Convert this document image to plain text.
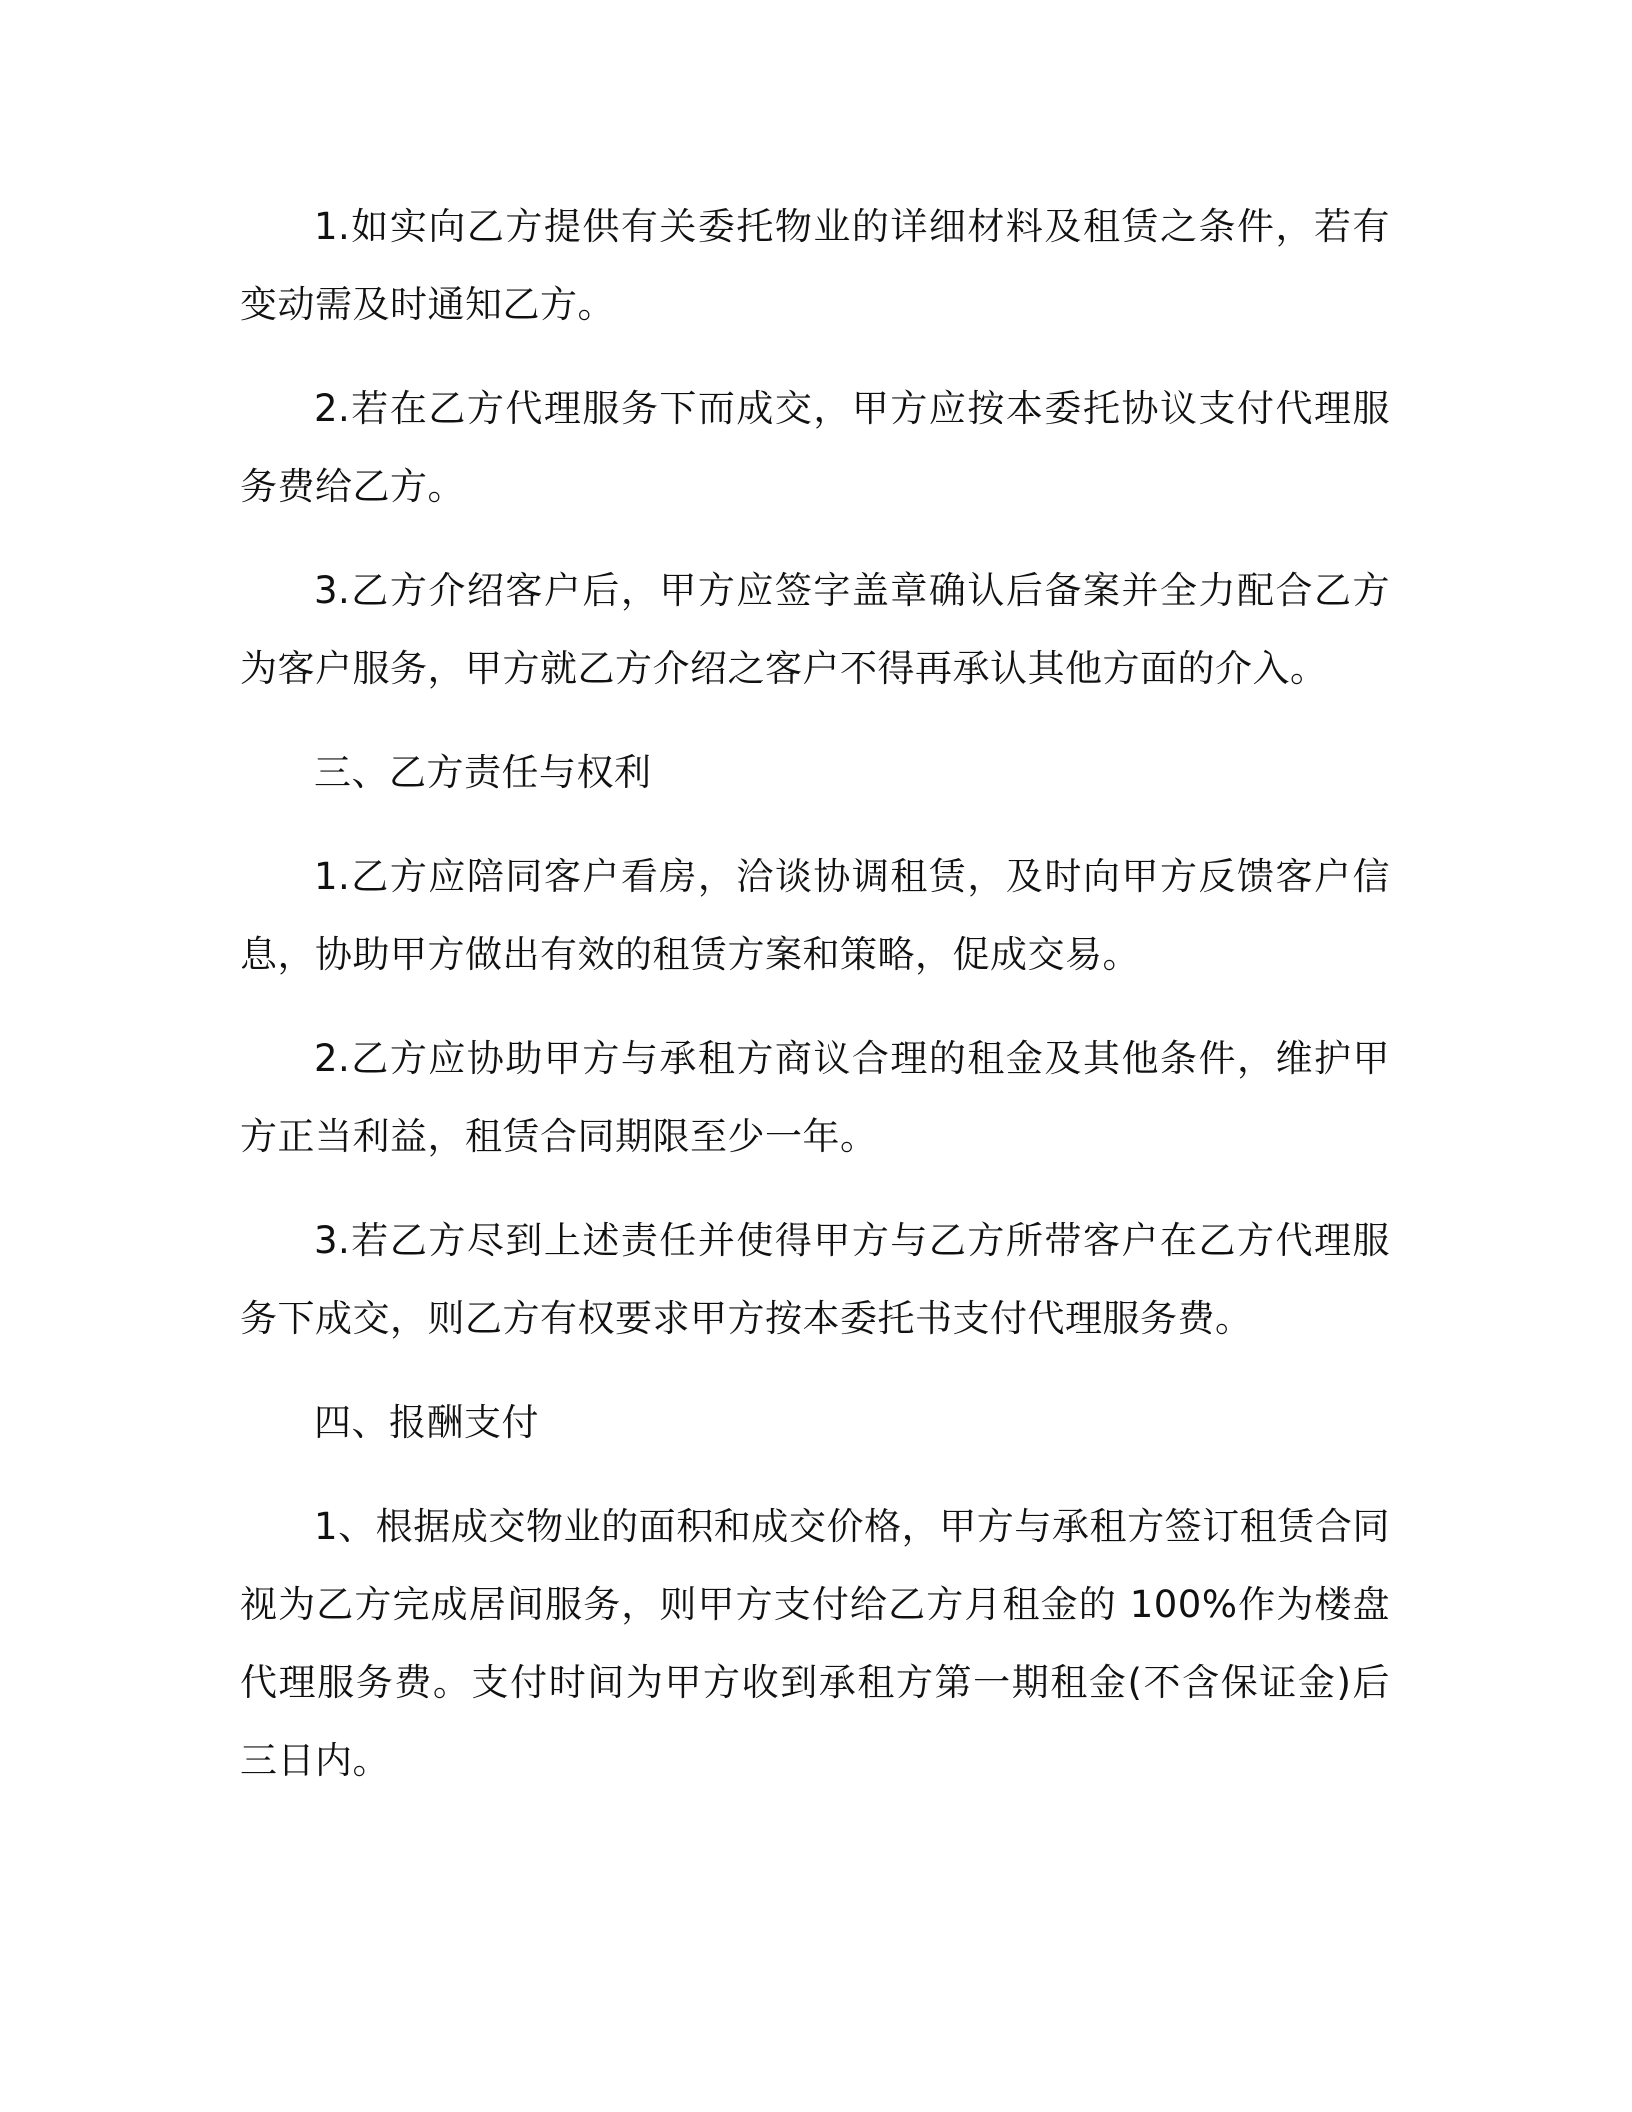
1.如实向乙方提供有关委托物业的详细材料及租赁之条件，若有变动需及时通知乙方。

2.若在乙方代理服务下而成交，甲方应按本委托协议支付代理服务费给乙方。

3.乙方介绍客户后，甲方应签字盖章确认后备案并全力配合乙方为客户服务，甲方就乙方介绍之客户不得再承认其他方面的介入。

三、乙方责任与权利

1.乙方应陪同客户看房，洽谈协调租赁，及时向甲方反馈客户信息，协助甲方做出有效的租赁方案和策略，促成交易。

2.乙方应协助甲方与承租方商议合理的租金及其他条件，维护甲方正当利益，租赁合同期限至少一年。

3.若乙方尽到上述责任并使得甲方与乙方所带客户在乙方代理服务下成交，则乙方有权要求甲方按本委托书支付代理服务费。

四、报酬支付

1、根据成交物业的面积和成交价格，甲方与承租方签订租赁合同视为乙方完成居间服务，则甲方支付给乙方月租金的 100%作为楼盘代理服务费。支付时间为甲方收到承租方第一期租金(不含保证金)后三日内。
